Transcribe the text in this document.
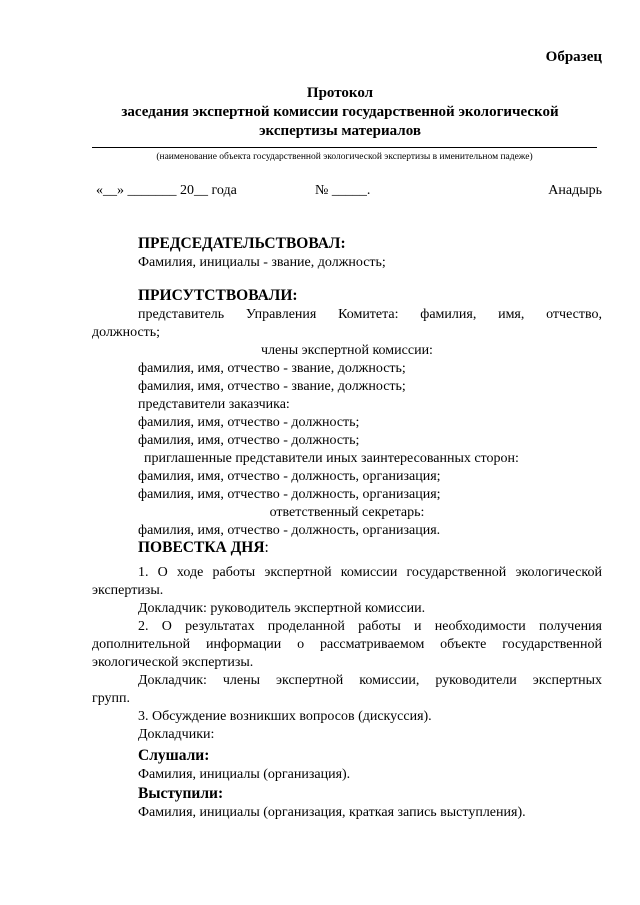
Образец
Протокол
заседания экспертной комиссии государственной экологической
экспертизы материалов
(наименование объекта государственной экологической экспертизы в именительном падеже)
«__» _______ 20__ года	№ _____.	Анадырь

ПРЕДСЕДАТЕЛЬСТВОВАЛ:

Фамилия, инициалы - звание, должность;

ПРИСУТСТВОВАЛИ:

представитель Управления Комитета: фамилия, имя, отчество,

должность;

члены экспертной комиссии:

фамилия, имя, отчество - звание, должность;

фамилия, имя, отчество - звание, должность;

представители заказчика:

фамилия, имя, отчество - должность;

фамилия, имя, отчество - должность;

приглашенные представители иных заинтересованных сторон:

фамилия, имя, отчество - должность, организация;

фамилия, имя, отчество - должность, организация;

ответственный секретарь:

фамилия, имя, отчество - должность, организация.

ПОВЕСТКА ДНЯ:

1. О ходе работы экспертной комиссии государственной экологической

экспертизы.

Докладчик: руководитель экспертной комиссии.

2. О результатах проделанной работы и необходимости получения

дополнительной информации о рассматриваемом объекте государственной

экологической экспертизы.

Докладчик: члены экспертной комиссии, руководители экспертных

групп.

3. Обсуждение возникших вопросов (дискуссия).

Докладчики:

Слушали:

Фамилия, инициалы (организация).

Выступили:

Фамилия, инициалы (организация, краткая запись выступления).
